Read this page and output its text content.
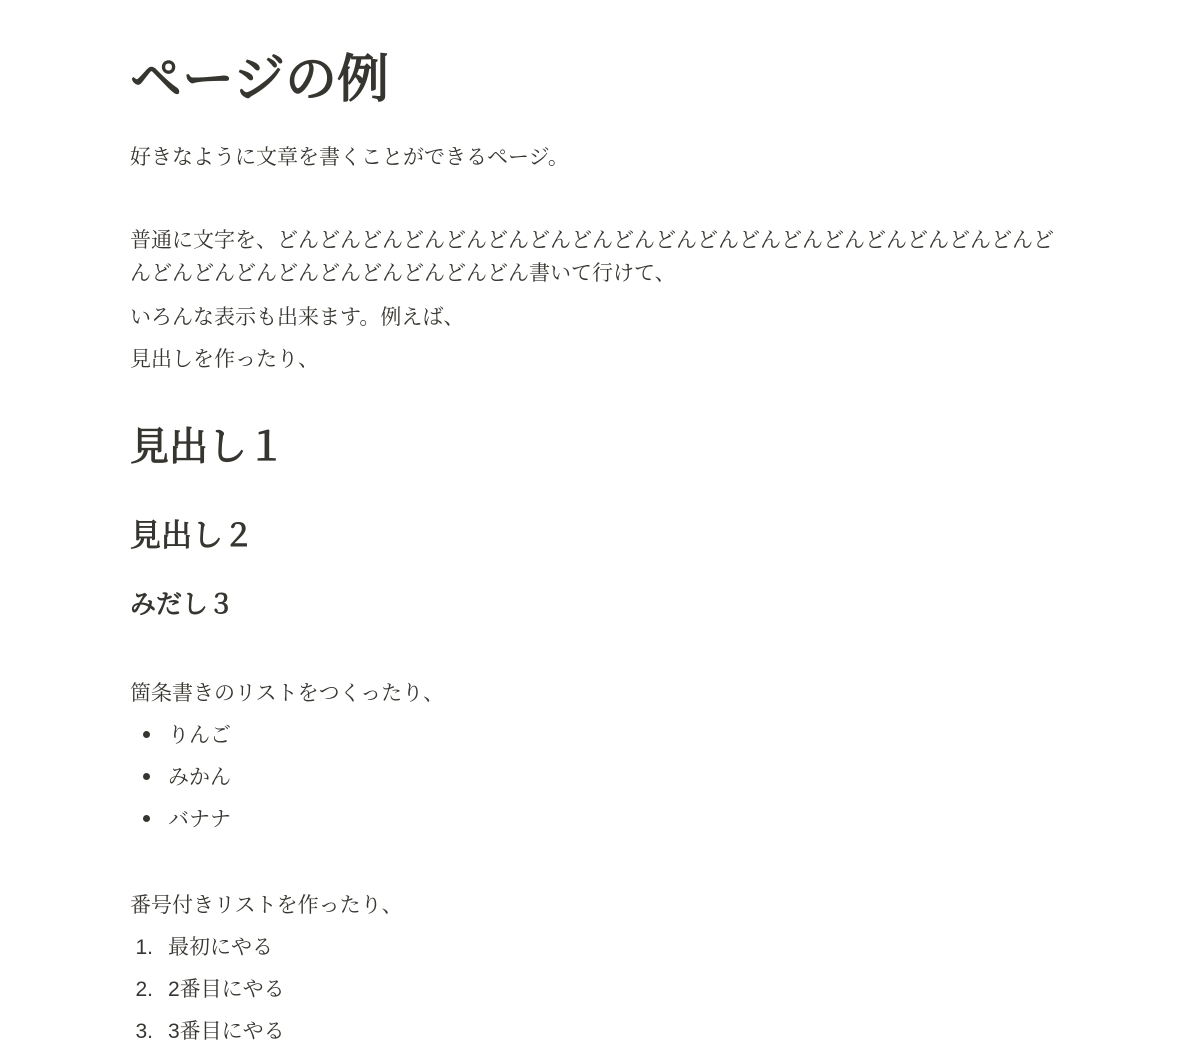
ページの例

好きなように文章を書くことができるページ。

普通に文字を、どんどんどんどんどんどんどんどんどんどんどんどんどんどんどんどんどんどんどんどんどんどんどんどんどんどんどんどん書いて行けて、

いろんな表示も出来ます。例えば、

見出しを作ったり、

見出し１
見出し２
みだし３

箇条書きのリストをつくったり、

りんご
みかん
バナナ

番号付きリストを作ったり、

1. 最初にやる
2. 2番目にやる
3. 3番目にやる
